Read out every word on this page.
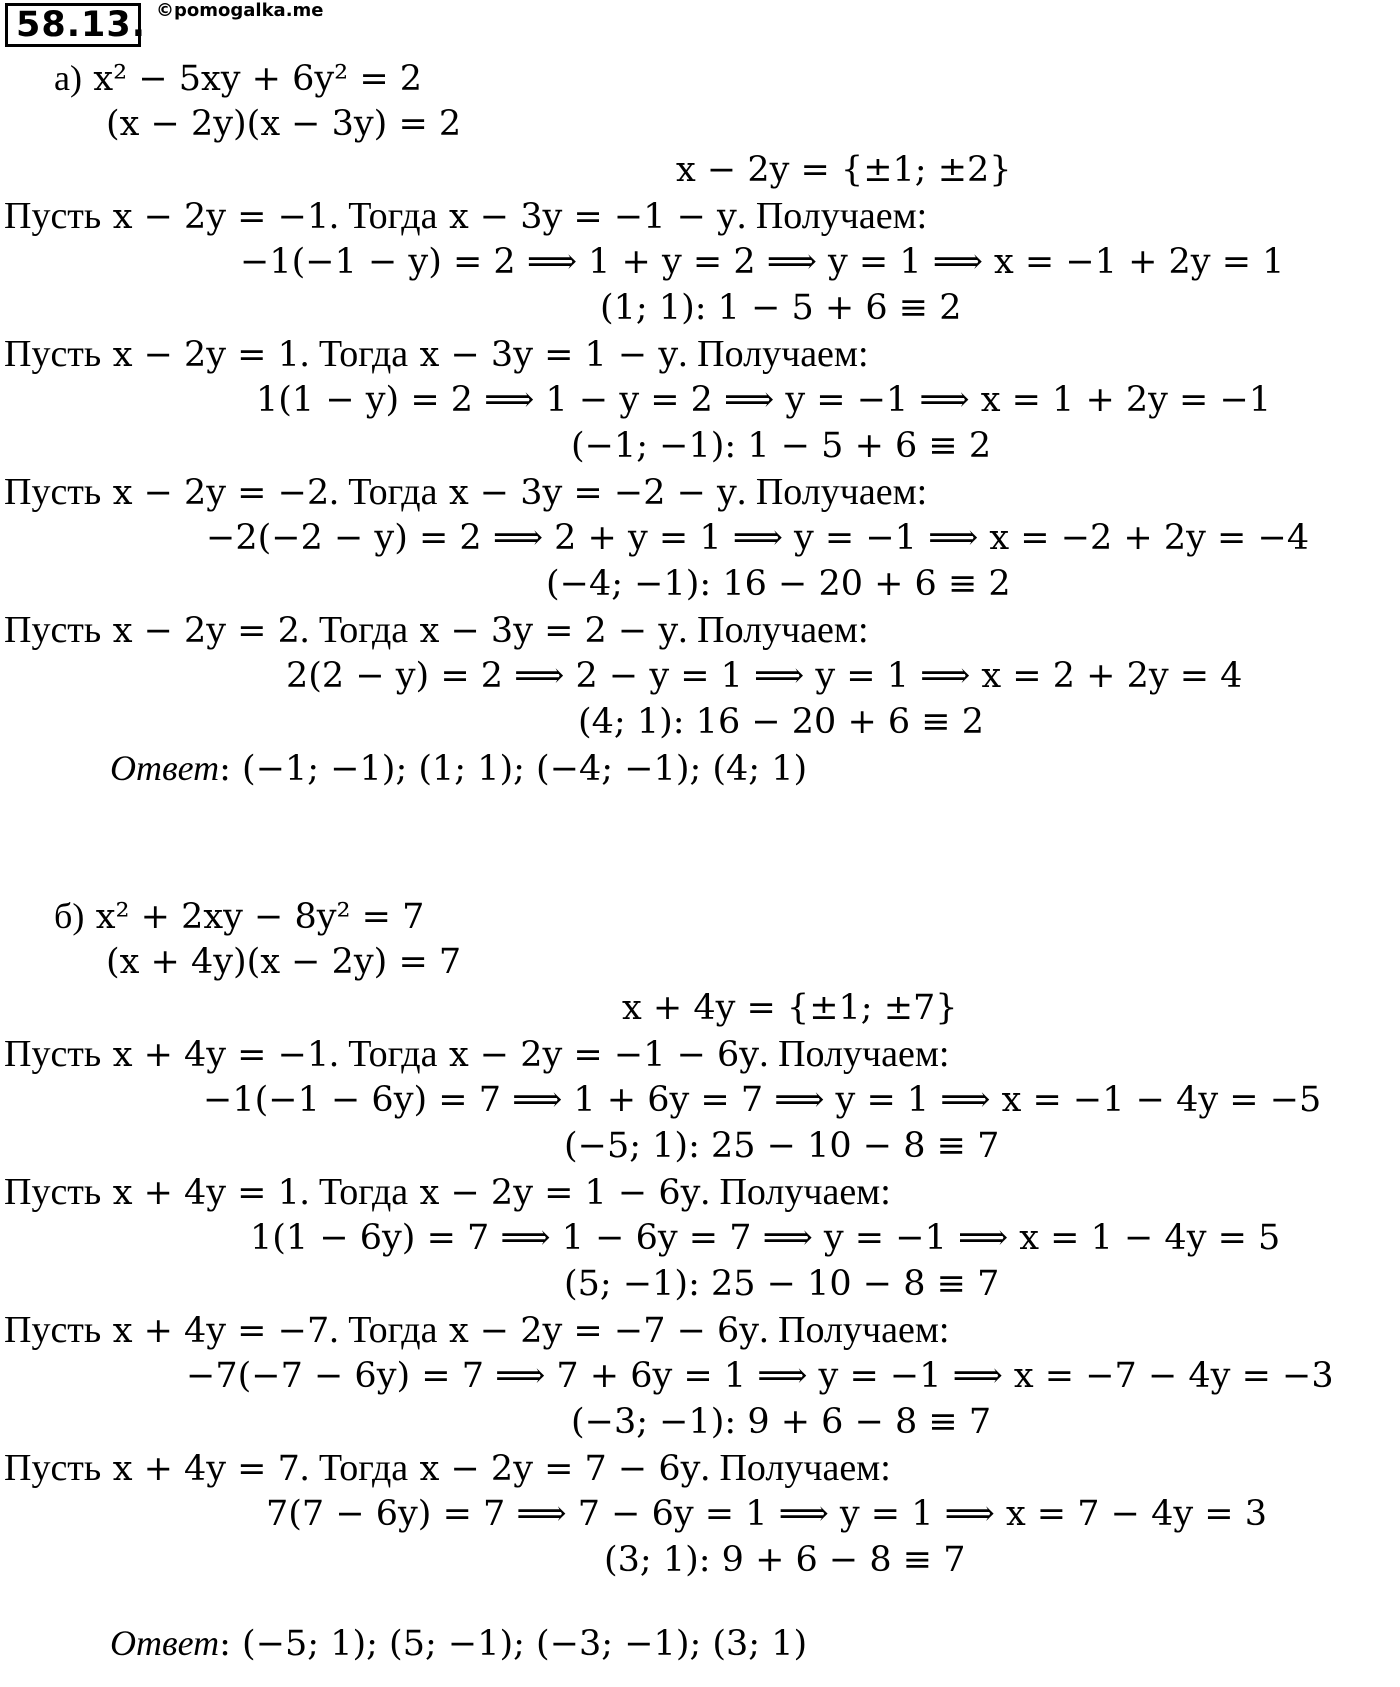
58.13. ©pomogalka.me
а) x² − 5xy + 6y² = 2
(x − 2y)(x − 3y) = 2
x − 2y = {±1; ±2}
Пусть x − 2y = −1. Тогда x − 3y = −1 − y. Получаем:
−1(−1 − y) = 2 ⟹ 1 + y = 2 ⟹ y = 1 ⟹ x = −1 + 2y = 1
(1; 1): 1 − 5 + 6 ≡ 2
Пусть x − 2y = 1. Тогда x − 3y = 1 − y. Получаем:
1(1 − y) = 2 ⟹ 1 − y = 2 ⟹ y = −1 ⟹ x = 1 + 2y = −1
(−1; −1): 1 − 5 + 6 ≡ 2
Пусть x − 2y = −2. Тогда x − 3y = −2 − y. Получаем:
−2(−2 − y) = 2 ⟹ 2 + y = 1 ⟹ y = −1 ⟹ x = −2 + 2y = −4
(−4; −1): 16 − 20 + 6 ≡ 2
Пусть x − 2y = 2. Тогда x − 3y = 2 − y. Получаем:
2(2 − y) = 2 ⟹ 2 − y = 1 ⟹ y = 1 ⟹ x = 2 + 2y = 4
(4; 1): 16 − 20 + 6 ≡ 2
Ответ: (−1; −1); (1; 1); (−4; −1); (4; 1)
б) x² + 2xy − 8y² = 7
(x + 4y)(x − 2y) = 7
x + 4y = {±1; ±7}
Пусть x + 4y = −1. Тогда x − 2y = −1 − 6y. Получаем:
−1(−1 − 6y) = 7 ⟹ 1 + 6y = 7 ⟹ y = 1 ⟹ x = −1 − 4y = −5
(−5; 1): 25 − 10 − 8 ≡ 7
Пусть x + 4y = 1. Тогда x − 2y = 1 − 6y. Получаем:
1(1 − 6y) = 7 ⟹ 1 − 6y = 7 ⟹ y = −1 ⟹ x = 1 − 4y = 5
(5; −1): 25 − 10 − 8 ≡ 7
Пусть x + 4y = −7. Тогда x − 2y = −7 − 6y. Получаем:
−7(−7 − 6y) = 7 ⟹ 7 + 6y = 1 ⟹ y = −1 ⟹ x = −7 − 4y = −3
(−3; −1): 9 + 6 − 8 ≡ 7
Пусть x + 4y = 7. Тогда x − 2y = 7 − 6y. Получаем:
7(7 − 6y) = 7 ⟹ 7 − 6y = 1 ⟹ y = 1 ⟹ x = 7 − 4y = 3
(3; 1): 9 + 6 − 8 ≡ 7
Ответ: (−5; 1); (5; −1); (−3; −1); (3; 1)
